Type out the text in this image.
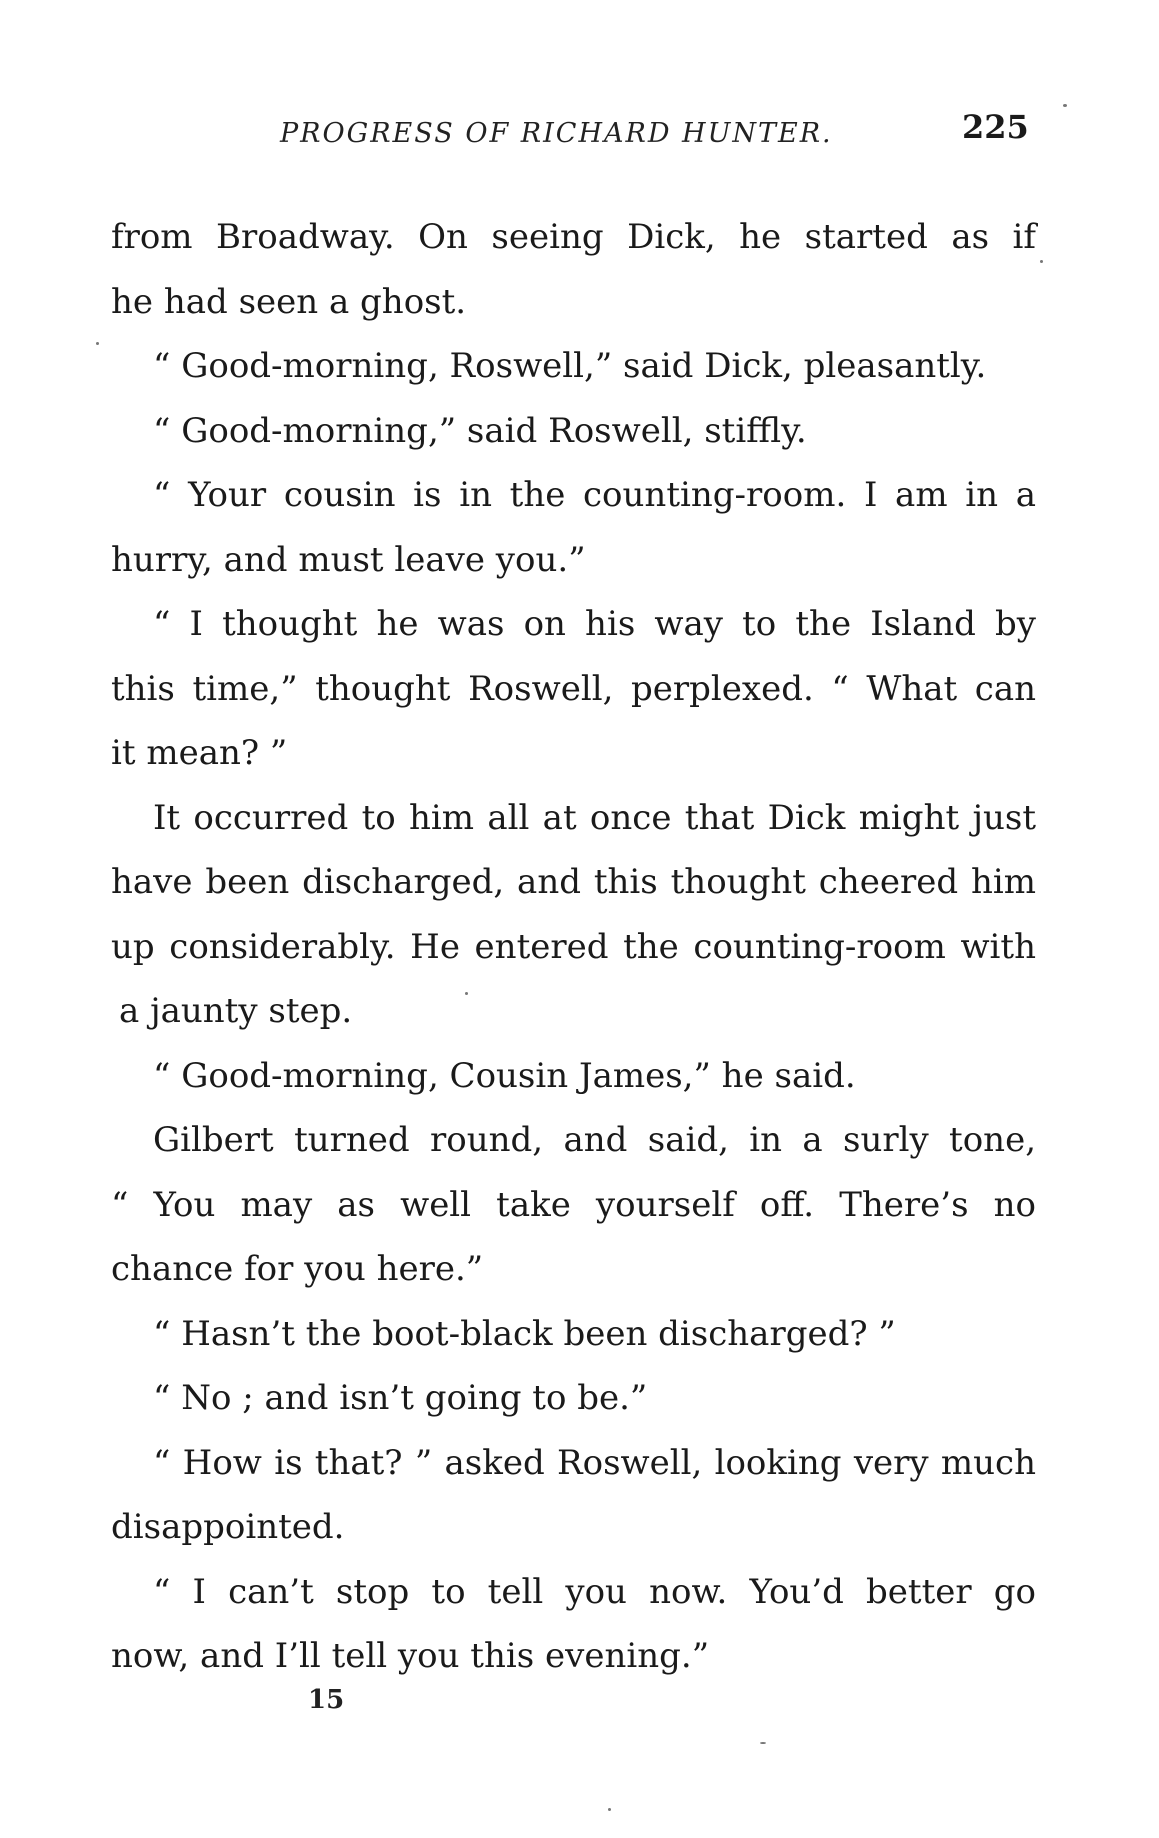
PROGRESS OF RICHARD HUNTER.	225
from Broadway. On seeing Dick, he started as if
he had seen a ghost.
“ Good-morning, Roswell,” said Dick, pleasantly.
“ Good-morning,” said Roswell, stiffly.
“ Your cousin is in the counting-room. I am in a
hurry, and must leave you.”
“ I thought he was on his way to the Island by
this time,” thought Roswell, perplexed. “ What can
it mean? ”
It occurred to him all at once that Dick might just
have been discharged, and this thought cheered him
up considerably. He entered the counting-room with
a jaunty step.
“ Good-morning, Cousin James,” he said.
Gilbert turned round, and said, in a surly tone,
“ You may as well take yourself off. There’s no
chance for you here.”
“ Hasn’t the boot-black been discharged? ”
“ No ; and isn’t going to be.”
“ How is that? ” asked Roswell, looking very much
disappointed.
“ I can’t stop to tell you now. You’d better go
now, and I’ll tell you this evening.”
15
